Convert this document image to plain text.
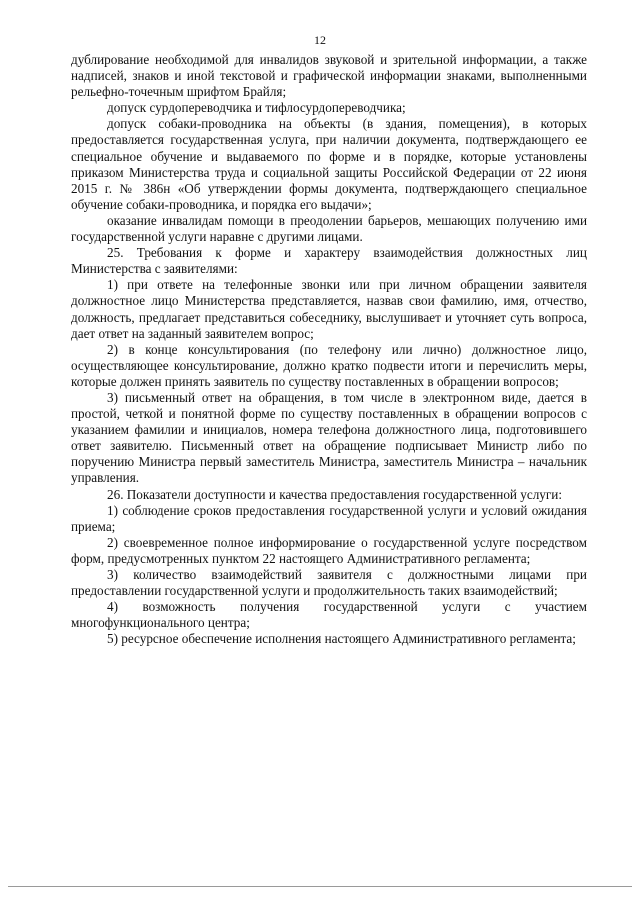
12

дублирование необходимой для инвалидов звуковой и зрительной информации, а также надписей, знаков и иной текстовой и графической информации знаками, выполненными рельефно-точечным шрифтом Брайля;

допуск сурдопереводчика и тифлосурдопереводчика;

допуск собаки-проводника на объекты (в здания, помещения), в которых предоставляется государственная услуга, при наличии документа, подтверждающего ее специальное обучение и выдаваемого по форме и в порядке, которые установлены приказом Министерства труда и социальной защиты Российской Федерации от 22 июня 2015 г. № 386н «Об утверждении формы документа, подтверждающего специальное обучение собаки-проводника, и порядка его выдачи»;

оказание инвалидам помощи в преодолении барьеров, мешающих получению ими государственной услуги наравне с другими лицами.

25. Требования к форме и характеру взаимодействия должностных лиц Министерства с заявителями:

1) при ответе на телефонные звонки или при личном обращении заявителя должностное лицо Министерства представляется, назвав свои фамилию, имя, отчество, должность, предлагает представиться собеседнику, выслушивает и уточняет суть вопроса, дает ответ на заданный заявителем вопрос;

2) в конце консультирования (по телефону или лично) должностное лицо, осуществляющее консультирование, должно кратко подвести итоги и перечислить меры, которые должен принять заявитель по существу поставленных в обращении вопросов;

3) письменный ответ на обращения, в том числе в электронном виде, дается в простой, четкой и понятной форме по существу поставленных в обращении вопросов с указанием фамилии и инициалов, номера телефона должностного лица, подготовившего ответ заявителю. Письменный ответ на обращение подписывает Министр либо по поручению Министра первый заместитель Министра, заместитель Министра – начальник управления.

26. Показатели доступности и качества предоставления государственной услуги:

1) соблюдение сроков предоставления государственной услуги и условий ожидания приема;

2) своевременное полное информирование о государственной услуге посредством форм, предусмотренных пунктом 22 настоящего Административного регламента;

3) количество взаимодействий заявителя с должностными лицами при предоставлении государственной услуги и продолжительность таких взаимодействий;

4) возможность получения государственной услуги с участием многофункционального центра;

5) ресурсное обеспечение исполнения настоящего Административного регламента;
